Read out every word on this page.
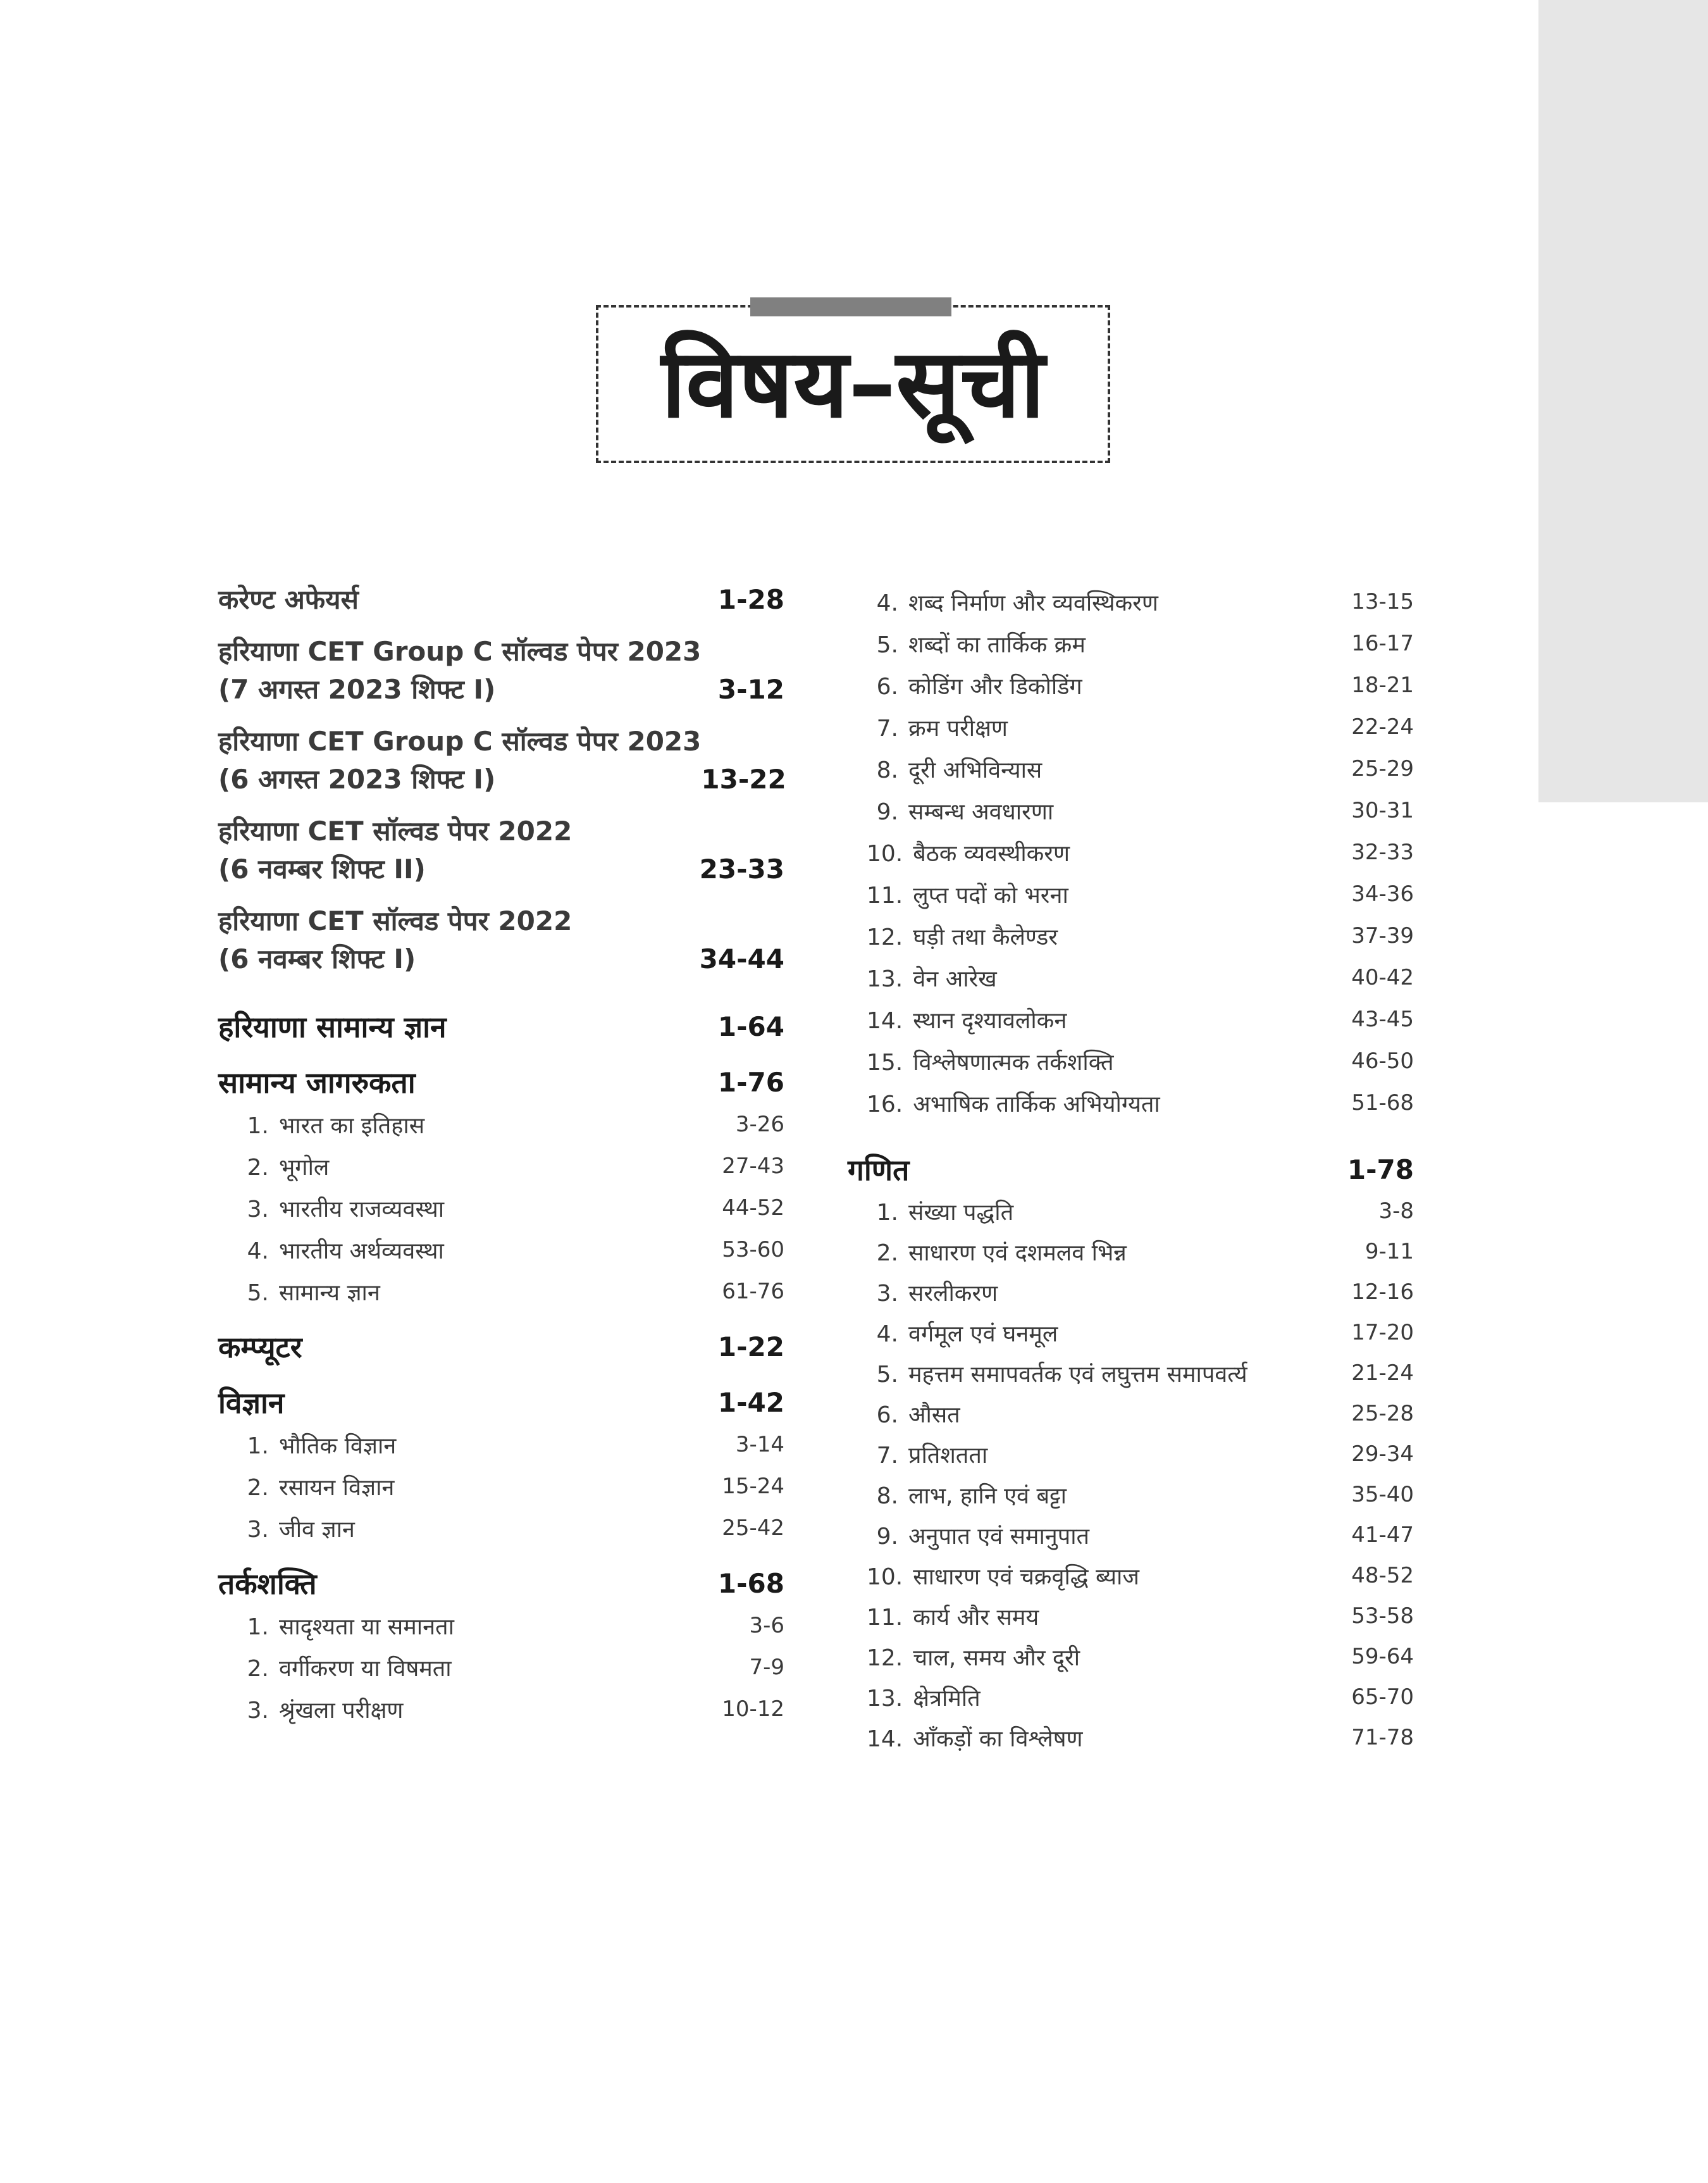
विषय–सूची
करेण्ट अफेयर्स	1-28
हरियाणा CET Group C सॉल्वड पेपर 2023
(7 अगस्त 2023 शिफ्ट I)	3-12
हरियाणा CET Group C सॉल्वड पेपर 2023
(6 अगस्त 2023 शिफ्ट I)	13-22
हरियाणा CET सॉल्वड पेपर 2022
(6 नवम्बर शिफ्ट II)	23-33
हरियाणा CET सॉल्वड पेपर 2022
(6 नवम्बर शिफ्ट I)	34-44
हरियाणा सामान्य ज्ञान	1-64
सामान्य जागरुकता	1-76
1. भारत का इतिहास	3-26
2. भूगोल	27-43
3. भारतीय राजव्यवस्था	44-52
4. भारतीय अर्थव्यवस्था	53-60
5. सामान्य ज्ञान	61-76
कम्प्यूटर	1-22
विज्ञान	1-42
1. भौतिक विज्ञान	3-14
2. रसायन विज्ञान	15-24
3. जीव ज्ञान	25-42
तर्कशक्ति	1-68
1. सादृश्यता या समानता	3-6
2. वर्गीकरण या विषमता	7-9
3. श्रृंखला परीक्षण	10-12
4. शब्द निर्माण और व्यवस्थिकरण	13-15
5. शब्दों का तार्किक क्रम	16-17
6. कोडिंग और डिकोडिंग	18-21
7. क्रम परीक्षण	22-24
8. दूरी अभिविन्यास	25-29
9. सम्बन्ध अवधारणा	30-31
10. बैठक व्यवस्थीकरण	32-33
11. लुप्त पदों को भरना	34-36
12. घड़ी तथा कैलेण्डर	37-39
13. वेन आरेख	40-42
14. स्थान दृश्यावलोकन	43-45
15. विश्लेषणात्मक तर्कशक्ति	46-50
16. अभाषिक तार्किक अभियोग्यता	51-68
गणित	1-78
1. संख्या पद्धति	3-8
2. साधारण एवं दशमलव भिन्न	9-11
3. सरलीकरण	12-16
4. वर्गमूल एवं घनमूल	17-20
5. महत्तम समापवर्तक एवं लघुत्तम समापवर्त्य	21-24
6. औसत	25-28
7. प्रतिशतता	29-34
8. लाभ, हानि एवं बट्टा	35-40
9. अनुपात एवं समानुपात	41-47
10. साधारण एवं चक्रवृद्धि ब्याज	48-52
11. कार्य और समय	53-58
12. चाल, समय और दूरी	59-64
13. क्षेत्रमिति	65-70
14. आँकड़ों का विश्लेषण	71-78
